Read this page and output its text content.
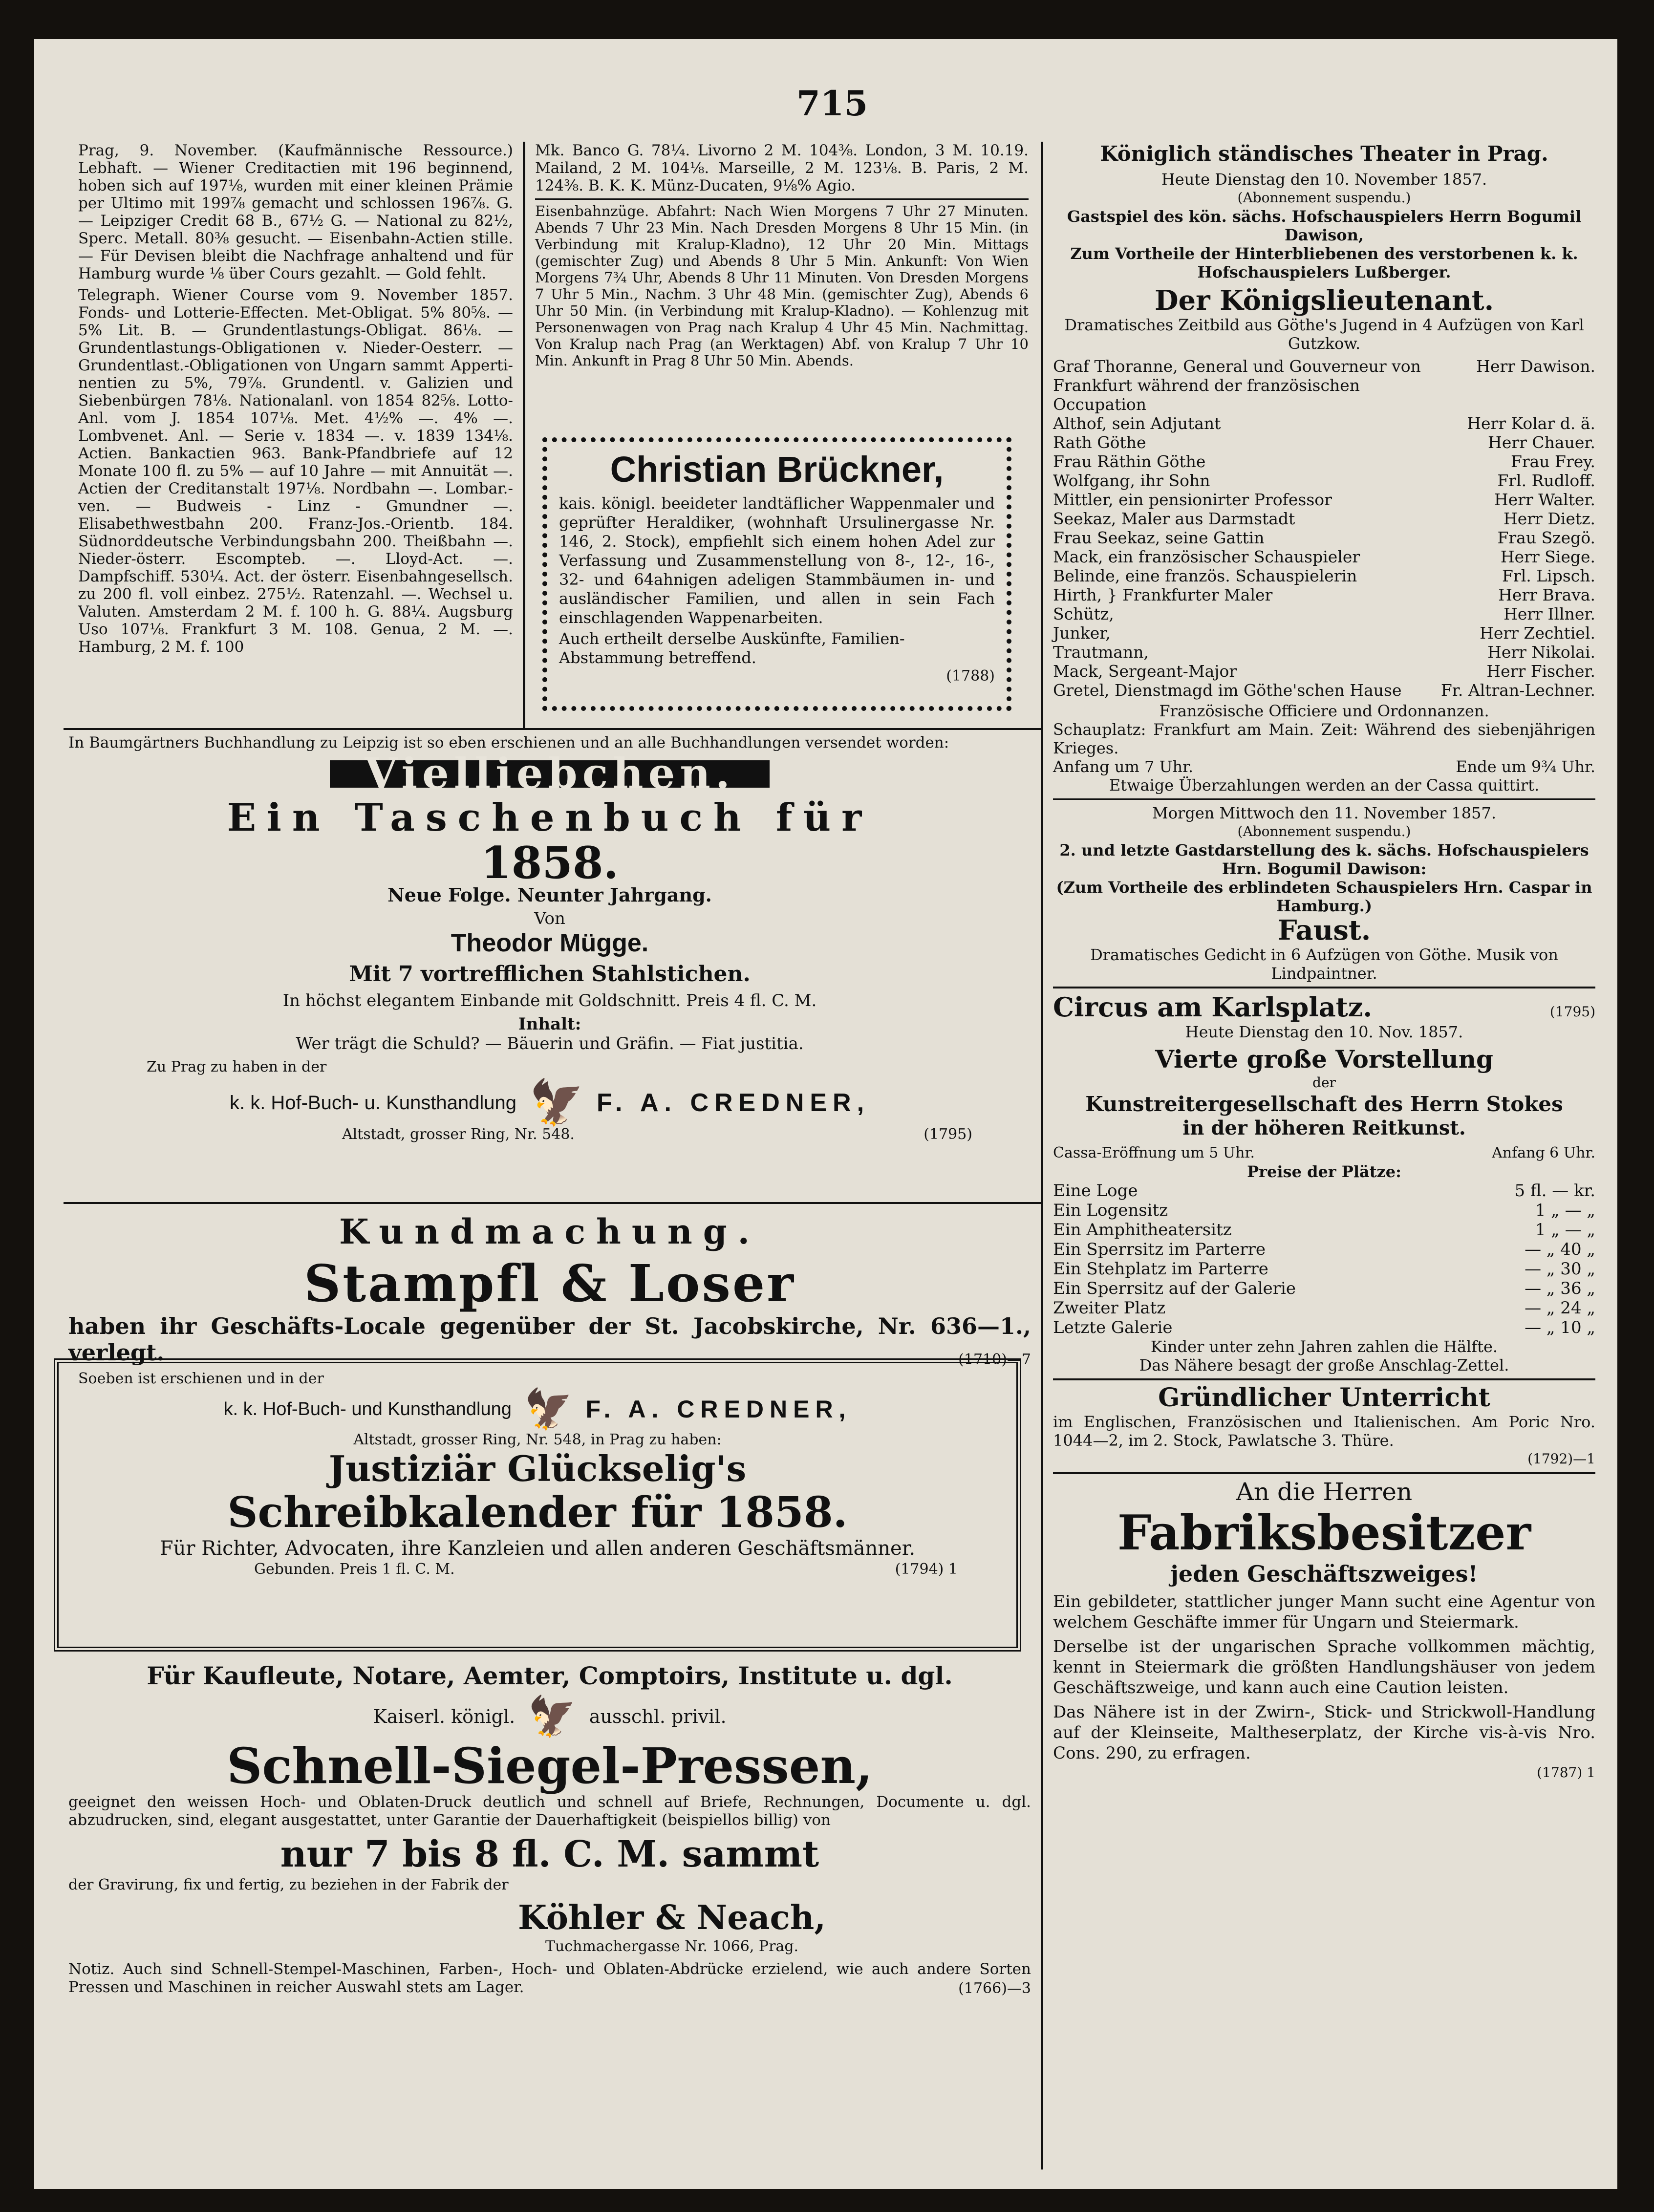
715

Prag, 9. November. (Kaufmännische Ressource.) Lebhaft. — Wiener Creditactien mit 196 beginnend, hoben sich auf 197⅛, wurden mit einer kleinen Prämie per Ultimo mit 199⅞ gemacht und schlossen 196⅞. G. — Leipziger Credit 68 B., 67½ G. — National zu 82½, Sperc. Metall. 80⅜ gesucht. — Eisenbahn-Actien stille. — Für Devisen bleibt die Nachfrage anhaltend und für Hamburg wurde ⅛ über Cours gezahlt. — Gold fehlt.

Telegraph. Wiener Course vom 9. November 1857. Fonds- und Lotterie-Effecten. Met-Obligat. 5% 80⅝. — 5% Lit. B. — Grundentlastungs-Obligat. 86⅛. — Grundentlastungs-Obligationen v. Nieder-Oesterr. — Grundentlast.-Obligationen von Ungarn sammt Apperti-nentien zu 5%, 79⅞. Grundentl. v. Galizien und Siebenbürgen 78⅛. Nationalanl. von 1854 82⅝. Lotto-Anl. vom J. 1854 107⅛. Met. 4½% —. 4% —. Lombvenet. Anl. — Serie v. 1834 —. v. 1839 134⅛. Actien. Bankactien 963. Bank-Pfandbriefe auf 12 Monate 100 fl. zu 5% — auf 10 Jahre — mit Annuität —. Actien der Creditanstalt 197⅛. Nordbahn —. Lombar.-ven. — Budweis - Linz - Gmundner —. Elisabethwestbahn 200. Franz-Jos.-Orientb. 184. Südnorddeutsche Verbindungsbahn 200. Theißbahn —. Nieder-österr. Escompteb. —. Lloyd-Act. —. Dampfschiff. 530¼. Act. der österr. Eisenbahngesellsch. zu 200 fl. voll einbez. 275½. Ratenzahl. —. Wechsel u. Valuten. Amsterdam 2 M. f. 100 h. G. 88¼. Augsburg Uso 107⅛. Frankfurt 3 M. 108. Genua, 2 M. —. Hamburg, 2 M. f. 100

Mk. Banco G. 78¼. Livorno 2 M. 104⅜. London, 3 M. 10.19. Mailand, 2 M. 104⅛. Marseille, 2 M. 123⅛. B. Paris, 2 M. 124⅜. B. K. K. Münz-Ducaten, 9⅛% Agio.

Eisenbahnzüge. Abfahrt: Nach Wien Morgens 7 Uhr 27 Minuten. Abends 7 Uhr 23 Min. Nach Dresden Morgens 8 Uhr 15 Min. (in Verbindung mit Kralup-Kladno), 12 Uhr 20 Min. Mittags (gemischter Zug) und Abends 8 Uhr 5 Min. Ankunft: Von Wien Morgens 7¾ Uhr, Abends 8 Uhr 11 Minuten. Von Dresden Morgens 7 Uhr 5 Min., Nachm. 3 Uhr 48 Min. (gemischter Zug), Abends 6 Uhr 50 Min. (in Verbindung mit Kralup-Kladno). — Kohlenzug mit Personenwagen von Prag nach Kralup 4 Uhr 45 Min. Nachmittag. Von Kralup nach Prag (an Werktagen) Abf. von Kralup 7 Uhr 10 Min. Ankunft in Prag 8 Uhr 50 Min. Abends.

Christian Brückner,

kais. königl. beeideter landtäflicher Wappenmaler und geprüfter Heraldiker, (wohnhaft Ursulinergasse Nr. 146, 2. Stock), empfiehlt sich einem hohen Adel zur Verfassung und Zusammenstellung von 8-, 12-, 16-, 32- und 64ahnigen adeligen Stammbäumen in- und ausländischer Familien, und allen in sein Fach einschlagenden Wappenarbeiten.

Auch ertheilt derselbe Auskünfte, Familien-Abstammung betreffend.

(1788)

In Baumgärtners Buchhandlung zu Leipzig ist so eben erschienen und an alle Buchhandlungen versendet worden:

Vielliebchen.
Ein Taschenbuch für
1858.

Neue Folge. Neunter Jahrgang.

Von

Theodor Mügge.

Mit 7 vortrefflichen Stahlstichen.

In höchst elegantem Einbande mit Goldschnitt. Preis 4 fl. C. M.

Inhalt:

Wer trägt die Schuld? — Bäuerin und Gräfin. — Fiat justitia.

Zu Prag zu haben in der

k. k. Hof-Buch- u. Kunsthandlung 🦅 F. A. CREDNER,
Altstadt, grosser Ring, Nr. 548.	(1795)
Kundmachung.
Stampfl & Loser

haben ihr Geschäfts-Locale gegenüber der St. Jacobskirche, Nr. 636—1., verlegt.	(1710)—7

Soeben ist erschienen und in der

k. k. Hof-Buch- und Kunsthandlung 🦅 F. A. CREDNER,

Altstadt, grosser Ring, Nr. 548, in Prag zu haben:

Justiziär Glückselig's
Schreibkalender für 1858.

Für Richter, Advocaten, ihre Kanzleien und allen anderen Geschäftsmänner.

Gebunden. Preis 1 fl. C. M.	(1794) 1

Für Kaufleute, Notare, Aemter, Comptoirs, Institute u. dgl.

Kaiserl. königl. 🦅 ausschl. privil.
Schnell-Siegel-Pressen,

geeignet den weissen Hoch- und Oblaten-Druck deutlich und schnell auf Briefe, Rechnungen, Documente u. dgl. abzudrucken, sind, elegant ausgestattet, unter Garantie der Dauerhaftigkeit (beispiellos billig) von

nur 7 bis 8 fl. C. M. sammt

der Gravirung, fix und fertig, zu beziehen in der Fabrik der

Köhler & Neach,

Tuchmachergasse Nr. 1066, Prag.

Notiz. Auch sind Schnell-Stempel-Maschinen, Farben-, Hoch- und Oblaten-Abdrücke erzielend, wie auch andere Sorten Pressen und Maschinen in reicher Auswahl stets am Lager.	(1766)—3

Königlich ständisches Theater in Prag.

Heute Dienstag den 10. November 1857.

(Abonnement suspendu.)

Gastspiel des kön. sächs. Hofschauspielers Herrn Bogumil Dawison,

Zum Vortheile der Hinterbliebenen des verstorbenen k. k. Hofschauspielers Lußberger.

Der Königslieutenant.

Dramatisches Zeitbild aus Göthe's Jugend in 4 Aufzügen von Karl Gutzkow.

Graf Thoranne, General und Gouverneur von Frankfurt während der französischen Occupation	Herr Dawison.
Althof, sein Adjutant	Herr Kolar d. ä.
Rath Göthe	Herr Chauer.
Frau Räthin Göthe	Frau Frey.
Wolfgang, ihr Sohn	Frl. Rudloff.
Mittler, ein pensionirter Professor	Herr Walter.
Seekaz, Maler aus Darmstadt	Herr Dietz.
Frau Seekaz, seine Gattin	Frau Szegö.
Mack, ein französischer Schauspieler	Herr Siege.
Belinde, eine französ. Schauspielerin	Frl. Lipsch.
Hirth, } Frankfurter Maler	Herr Brava.
Schütz,	Herr Illner.
Junker,	Herr Zechtiel.
Trautmann,	Herr Nikolai.
Mack, Sergeant-Major	Herr Fischer.
Gretel, Dienstmagd im Göthe'schen Hause	Fr. Altran-Lechner.

Französische Officiere und Ordonnanzen.

Schauplatz: Frankfurt am Main. Zeit: Während des siebenjährigen Krieges.

Anfang um 7 Uhr.	Ende um 9¾ Uhr.

Etwaige Überzahlungen werden an der Cassa quittirt.

Morgen Mittwoch den 11. November 1857.

(Abonnement suspendu.)

2. und letzte Gastdarstellung des k. sächs. Hofschauspielers Hrn. Bogumil Dawison:

(Zum Vortheile des erblindeten Schauspielers Hrn. Caspar in Hamburg.)

Faust.

Dramatisches Gedicht in 6 Aufzügen von Göthe. Musik von Lindpaintner.

Circus am Karlsplatz.	(1795)

Heute Dienstag den 10. Nov. 1857.

Vierte große Vorstellung

der

Kunstreitergesellschaft des Herrn Stokes

in der höheren Reitkunst.

Cassa-Eröffnung um 5 Uhr.	Anfang 6 Uhr.

Preise der Plätze:

Eine Loge	5 fl. — kr.
Ein Logensitz	1 „ — „
Ein Amphitheatersitz	1 „ — „
Ein Sperrsitz im Parterre	— „ 40 „
Ein Stehplatz im Parterre	— „ 30 „
Ein Sperrsitz auf der Galerie	— „ 36 „
Zweiter Platz	— „ 24 „
Letzte Galerie	— „ 10 „

Kinder unter zehn Jahren zahlen die Hälfte.

Das Nähere besagt der große Anschlag-Zettel.

Gründlicher Unterricht

im Englischen, Französischen und Italienischen. Am Poric Nro. 1044—2, im 2. Stock, Pawlatsche 3. Thüre.

(1792)—1

An die Herren

Fabriksbesitzer

jeden Geschäftszweiges!

Ein gebildeter, stattlicher junger Mann sucht eine Agentur von welchem Geschäfte immer für Ungarn und Steiermark.

Derselbe ist der ungarischen Sprache vollkommen mächtig, kennt in Steiermark die größten Handlungshäuser von jedem Geschäftszweige, und kann auch eine Caution leisten.

Das Nähere ist in der Zwirn-, Stick- und Strickwoll-Handlung auf der Kleinseite, Maltheserplatz, der Kirche vis-à-vis Nro. Cons. 290, zu erfragen.

(1787) 1
